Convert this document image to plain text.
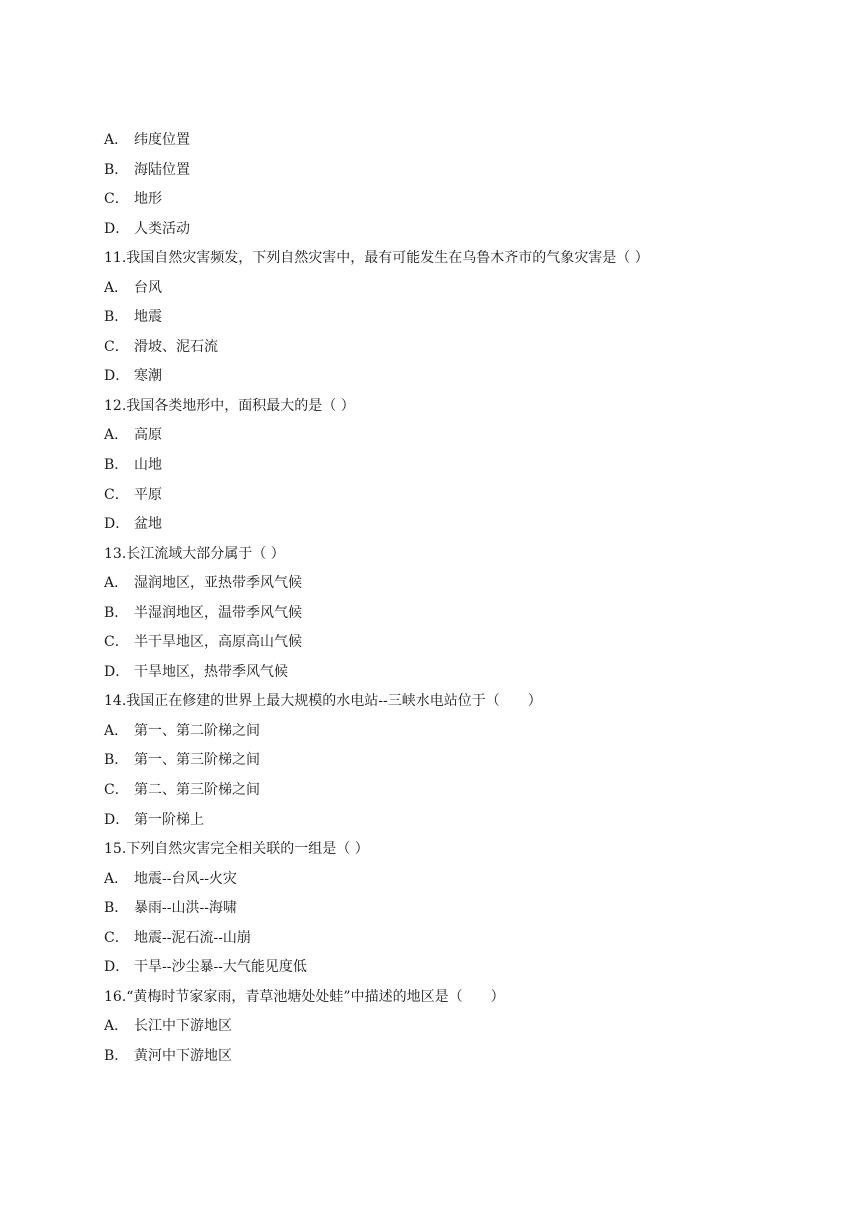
A． 纬度位置
B． 海陆位置
C． 地形
D． 人类活动
11.我国自然灾害频发，下列自然灾害中，最有可能发生在乌鲁木齐市的气象灾害是（ ）
A． 台风
B． 地震
C． 滑坡、泥石流
D． 寒潮
12.我国各类地形中，面积最大的是（ ）
A． 高原
B． 山地
C． 平原
D． 盆地
13.长江流域大部分属于（ ）
A． 湿润地区，亚热带季风气候
B． 半湿润地区，温带季风气候
C． 半干旱地区，高原高山气候
D． 干旱地区，热带季风气候
14.我国正在修建的世界上最大规模的水电站--三峡水电站位于（　　）
A． 第一、第二阶梯之间
B． 第一、第三阶梯之间
C． 第二、第三阶梯之间
D． 第一阶梯上
15.下列自然灾害完全相关联的一组是（ ）
A． 地震--台风--火灾
B． 暴雨--山洪--海啸
C． 地震--泥石流--山崩
D． 干旱--沙尘暴--大气能见度低
16.“黄梅时节家家雨，青草池塘处处蛙”中描述的地区是（　　）
A． 长江中下游地区
B． 黄河中下游地区
